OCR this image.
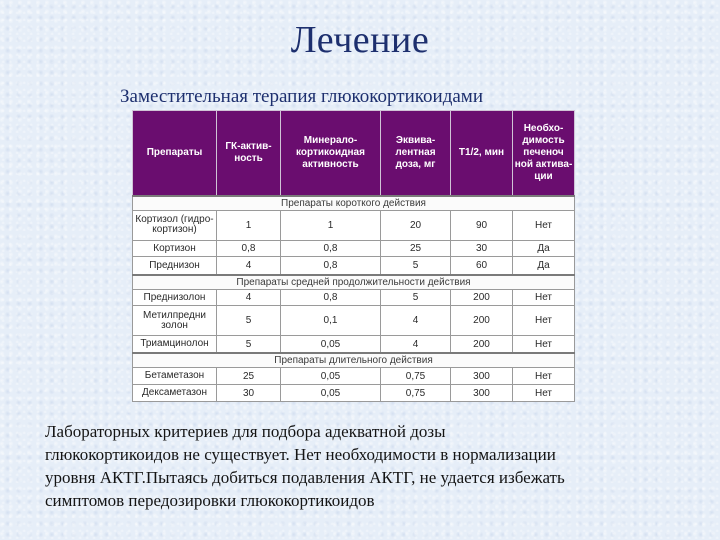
Лечение
Заместительная терапия глюкокортикоидами
Препараты	ГК-актив-ность	Минерало-кортикоидная активность	Эквива-лентная доза, мг	T1/2, мин	Необхо-димость печеноч ной актива-ции
Препараты короткого действия					
Кортизол (гидро-кортизон)	1	1	20	90	Нет
Кортизон	0,8	0,8	25	30	Да
Преднизон	4	0,8	5	60	Да
Препараты средней продолжительности действия					
Преднизолон	4	0,8	5	200	Нет
Метилпредни золон	5	0,1	4	200	Нет
Триамцинолон	5	0,05	4	200	Нет
Препараты длительного действия					
Бетаметазон	25	0,05	0,75	300	Нет
Дексаметазон	30	0,05	0,75	300	Нет
Лабораторных критериев для подбора адекватной дозы
глюкокортикоидов не существует. Нет необходимости в нормализации
уровня АКТГ.Пытаясь добиться подавления АКТГ, не удается избежать
симптомов передозировки глюкокортикоидов
